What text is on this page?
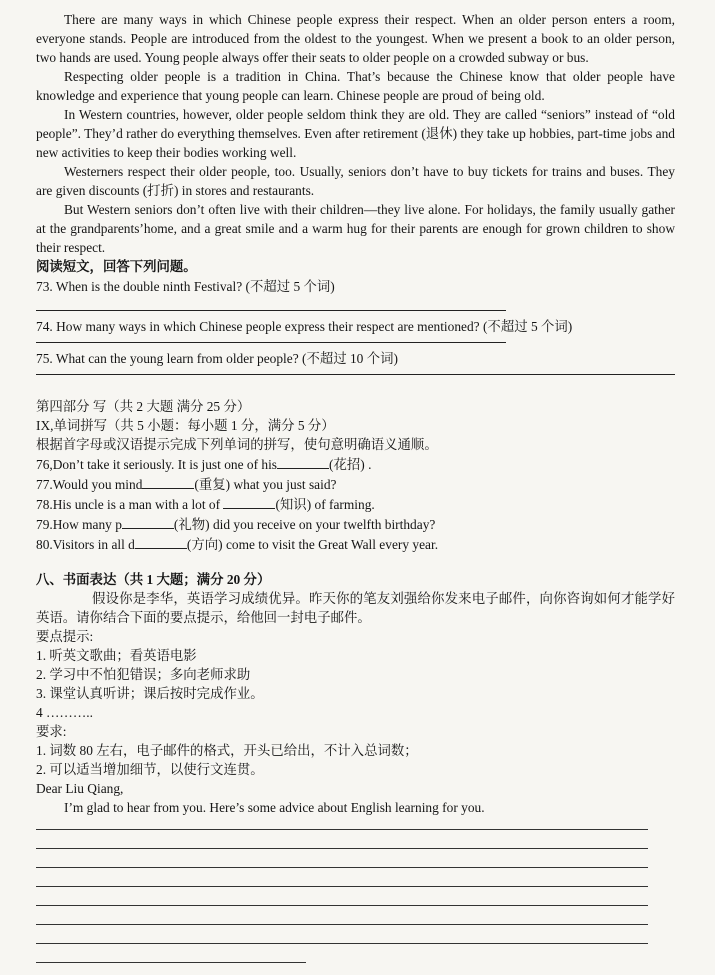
There are many ways in which Chinese people express their respect. When an older person enters a room, everyone stands. People are introduced from the oldest to the youngest. When we present a book to an older person, two hands are used. Young people always offer their seats to older people on a crowded subway or bus.

Respecting older people is a tradition in China. That’s because the Chinese know that older people have knowledge and experience that young people can learn. Chinese people are proud of being old.

In Western countries, however, older people seldom think they are old. They are called “seniors” instead of “old people”. They’d rather do everything themselves. Even after retirement (退休) they take up hobbies, part-time jobs and new activities to keep their bodies working well.

Westerners respect their older people, too. Usually, seniors don’t have to buy tickets for trains and buses. They are given discounts (打折) in stores and restaurants.

But Western seniors don’t often live with their children—they live alone. For holidays, the family usually gather at the grandparents’home, and a great smile and a warm hug for their parents are enough for grown children to show their respect.

阅读短文，回答下列问题。

73. When is the double ninth Festival? (不超过 5 个词)

74. How many ways in which Chinese people express their respect are mentioned? (不超过 5 个词)

75. What can the young learn from older people? (不超过 10 个词)

第四部分 写（共 2 大题 满分 25 分）

IX,单词拼写（共 5 小题：每小题 1 分，满分 5 分）

根据首字母或汉语提示完成下列单词的拼写，使句意明确语义通顺。

76,Don’t take it seriously. It is just one of his	(花招) .
77.Would you mind	(重复) what you just said?
78.His uncle is a man with a lot of	(知识) of farming.
79.How many p	(礼物) did you receive on your twelfth birthday?
80.Visitors in all d	(方向) come to visit the Great Wall every year.

八、书面表达（共 1 大题；满分 20 分）

假设你是李华，英语学习成绩优异。昨天你的笔友刘强给你发来电子邮件，向你咨询如何才能学好英语。请你结合下面的要点提示，给他回一封电子邮件。

要点提示:

1. 听英文歌曲；看英语电影

2. 学习中不怕犯错误；多向老师求助

3. 课堂认真听讲；课后按时完成作业。

4 ………..

要求:

1. 词数 80 左右，电子邮件的格式，开头已给出，不计入总词数；

2. 可以适当增加细节，以使行文连贯。

Dear Liu Qiang,

I’m glad to hear from you. Here’s some advice about English learning for you.
